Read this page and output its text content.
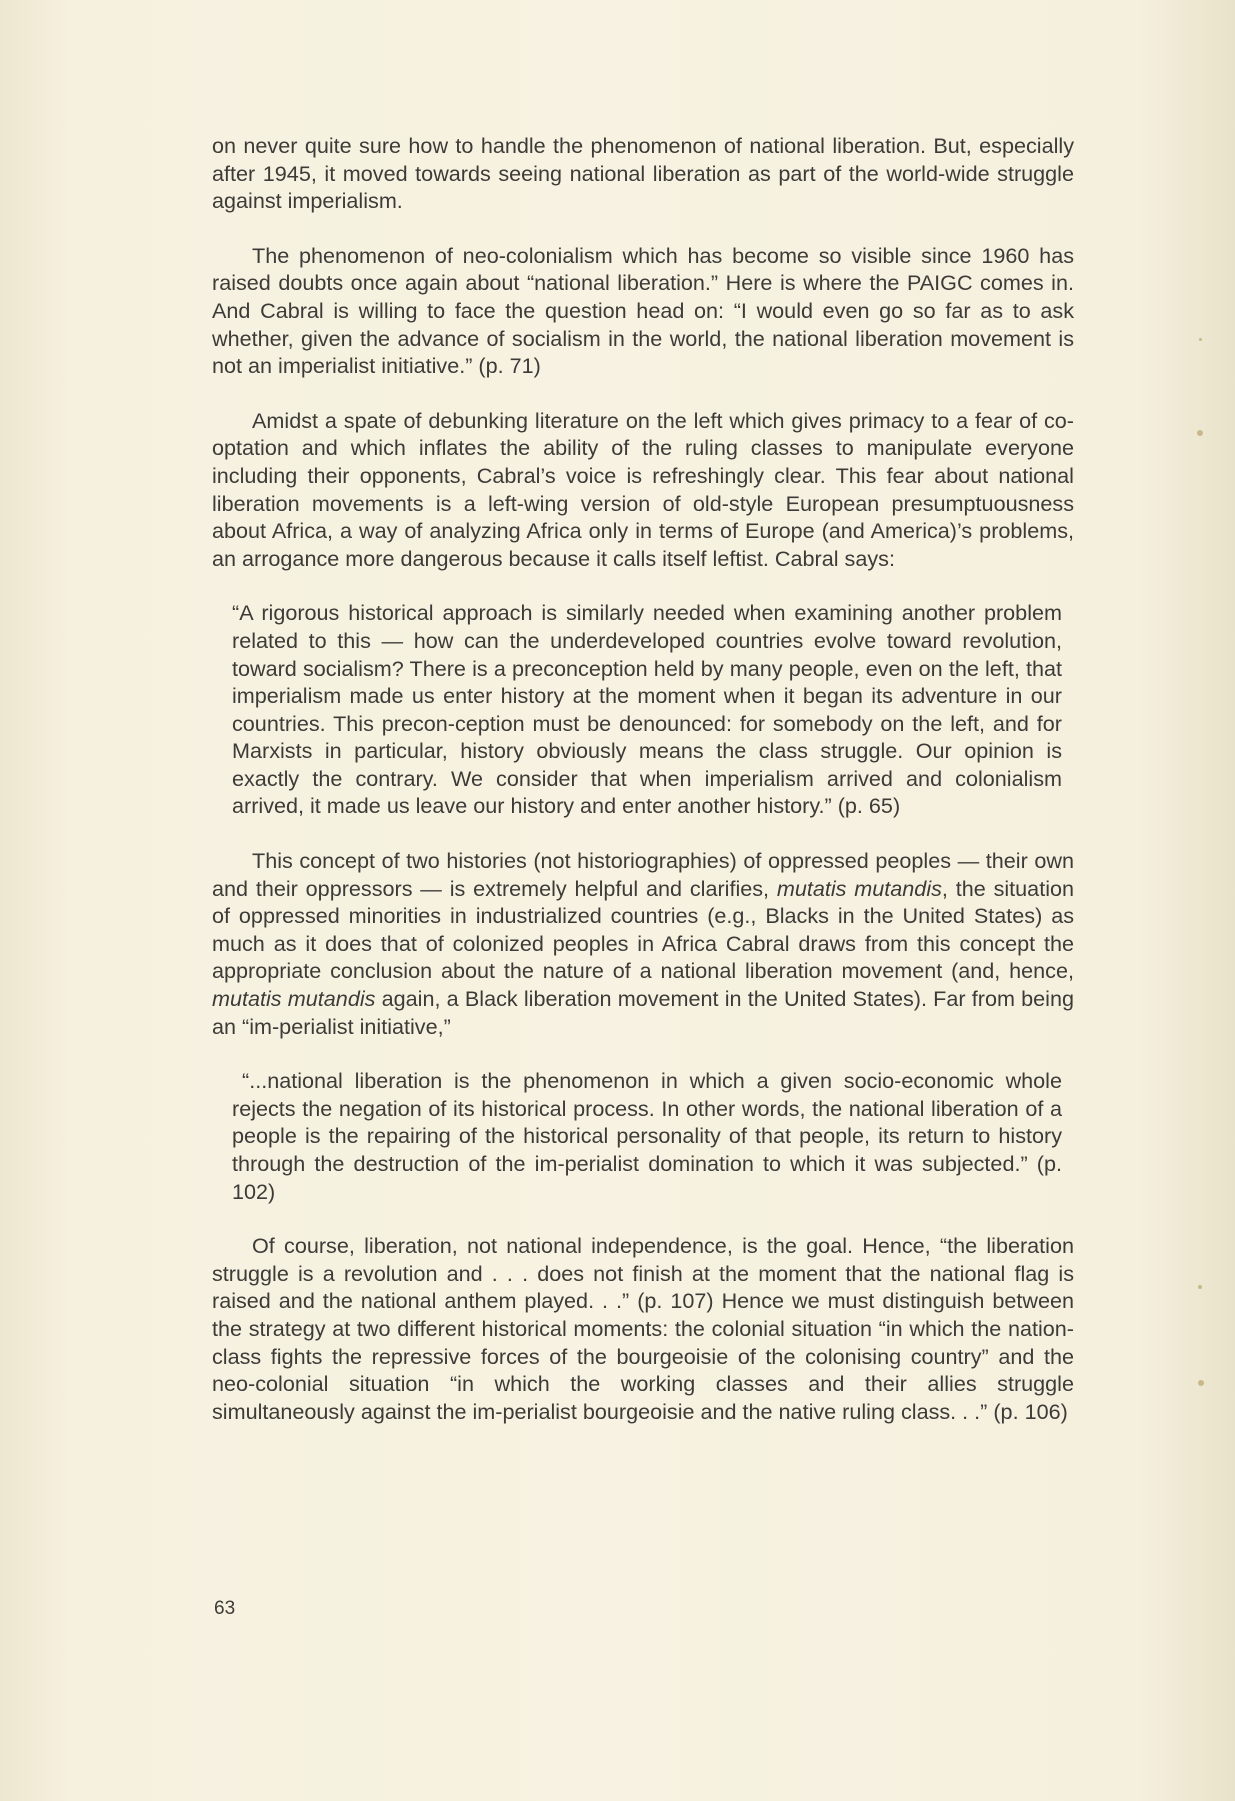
on never quite sure how to handle the phenomenon of national liberation. But, especially after 1945, it moved towards seeing national liberation as part of the world-wide struggle against imperialism.

The phenomenon of neo-colonialism which has become so visible since 1960 has raised doubts once again about “national liberation.” Here is where the PAIGC comes in. And Cabral is willing to face the question head on: “I would even go so far as to ask whether, given the advance of socialism in the world, the national liberation movement is not an imperialist initiative.” (p. 71)

Amidst a spate of debunking literature on the left which gives primacy to a fear of co-optation and which inflates the ability of the ruling classes to manipulate everyone including their opponents, Cabral’s voice is refreshingly clear. This fear about national liberation movements is a left-wing version of old-style European presumptuousness about Africa, a way of analyzing Africa only in terms of Europe (and America)’s problems, an arrogance more dangerous because it calls itself leftist. Cabral says:

“A rigorous historical approach is similarly needed when examining another problem related to this — how can the underdeveloped countries evolve toward revolution, toward socialism? There is a preconception held by many people, even on the left, that imperialism made us enter history at the moment when it began its adventure in our countries. This precon-ception must be denounced: for somebody on the left, and for Marxists in particular, history obviously means the class struggle. Our opinion is exactly the contrary. We consider that when imperialism arrived and colonialism arrived, it made us leave our history and enter another history.” (p. 65)

This concept of two histories (not historiographies) of oppressed peoples — their own and their oppressors — is extremely helpful and clarifies, mutatis mutandis, the situation of oppressed minorities in industrialized countries (e.g., Blacks in the United States) as much as it does that of colonized peoples in Africa Cabral draws from this concept the appropriate conclusion about the nature of a national liberation movement (and, hence, mutatis mutandis again, a Black liberation movement in the United States). Far from being an “im-perialist initiative,”

“...national liberation is the phenomenon in which a given socio-economic whole rejects the negation of its historical process. In other words, the national liberation of a people is the repairing of the historical personality of that people, its return to history through the destruction of the im-perialist domination to which it was subjected.” (p. 102)

Of course, liberation, not national independence, is the goal. Hence, “the liberation struggle is a revolution and . . . does not finish at the moment that the national flag is raised and the national anthem played. . .” (p. 107) Hence we must distinguish between the strategy at two different historical moments: the colonial situation “in which the nation-class fights the repressive forces of the bourgeoisie of the colonising country” and the neo-colonial situation “in which the working classes and their allies struggle simultaneously against the im-perialist bourgeoisie and the native ruling class. . .” (p. 106)

63
